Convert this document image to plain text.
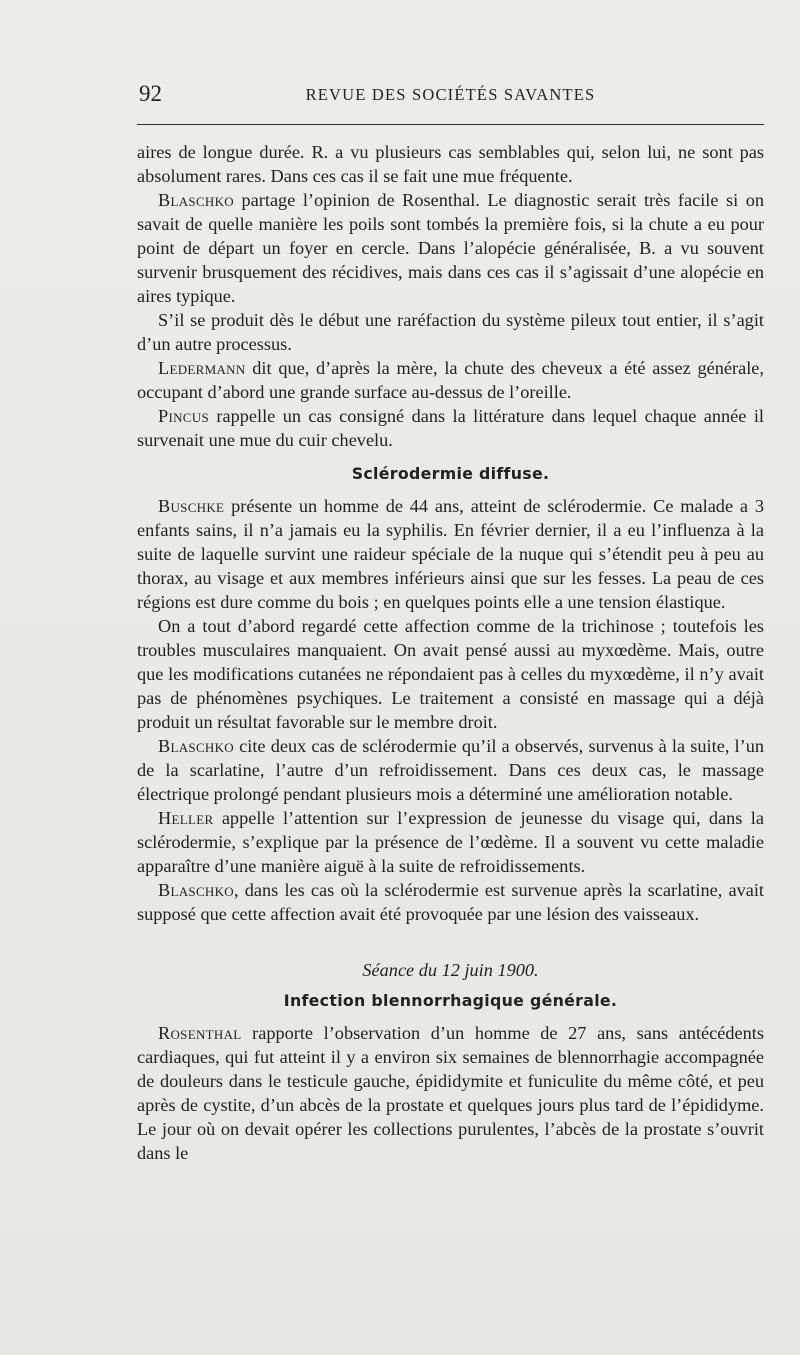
92	REVUE DES SOCIÉTÉS SAVANTES

aires de longue durée. R. a vu plusieurs cas semblables qui, selon lui, ne sont pas absolument rares. Dans ces cas il se fait une mue fréquente.

Blaschko partage l’opinion de Rosenthal. Le diagnostic serait très facile si on savait de quelle manière les poils sont tombés la première fois, si la chute a eu pour point de départ un foyer en cercle. Dans l’alopécie généralisée, B. a vu souvent survenir brusquement des récidives, mais dans ces cas il s’agissait d’une alopécie en aires typique.

S’il se produit dès le début une raréfaction du système pileux tout entier, il s’agit d’un autre processus.

Ledermann dit que, d’après la mère, la chute des cheveux a été assez générale, occupant d’abord une grande surface au-dessus de l’oreille.

Pincus rappelle un cas consigné dans la littérature dans lequel chaque année il survenait une mue du cuir chevelu.

Sclérodermie diffuse.

Buschke présente un homme de 44 ans, atteint de sclérodermie. Ce malade a 3 enfants sains, il n’a jamais eu la syphilis. En février dernier, il a eu l’influenza à la suite de laquelle survint une raideur spéciale de la nuque qui s’étendit peu à peu au thorax, au visage et aux membres inférieurs ainsi que sur les fesses. La peau de ces régions est dure comme du bois ; en quelques points elle a une tension élastique.

On a tout d’abord regardé cette affection comme de la trichinose ; toutefois les troubles musculaires manquaient. On avait pensé aussi au myxœdème. Mais, outre que les modifications cutanées ne répondaient pas à celles du myxœdème, il n’y avait pas de phénomènes psychiques. Le traitement a consisté en massage qui a déjà produit un résultat favorable sur le membre droit.

Blaschko cite deux cas de sclérodermie qu’il a observés, survenus à la suite, l’un de la scarlatine, l’autre d’un refroidissement. Dans ces deux cas, le massage électrique prolongé pendant plusieurs mois a déterminé une amélioration notable.

Heller appelle l’attention sur l’expression de jeunesse du visage qui, dans la sclérodermie, s’explique par la présence de l’œdème. Il a souvent vu cette maladie apparaître d’une manière aiguë à la suite de refroidissements.

Blaschko, dans les cas où la sclérodermie est survenue après la scarlatine, avait supposé que cette affection avait été provoquée par une lésion des vaisseaux.

Séance du 12 juin 1900.
Infection blennorrhagique générale.

Rosenthal rapporte l’observation d’un homme de 27 ans, sans antécédents cardiaques, qui fut atteint il y a environ six semaines de blennorrhagie accompagnée de douleurs dans le testicule gauche, épididymite et funiculite du même côté, et peu après de cystite, d’un abcès de la prostate et quelques jours plus tard de l’épididyme. Le jour où on devait opérer les collections purulentes, l’abcès de la prostate s’ouvrit dans le
